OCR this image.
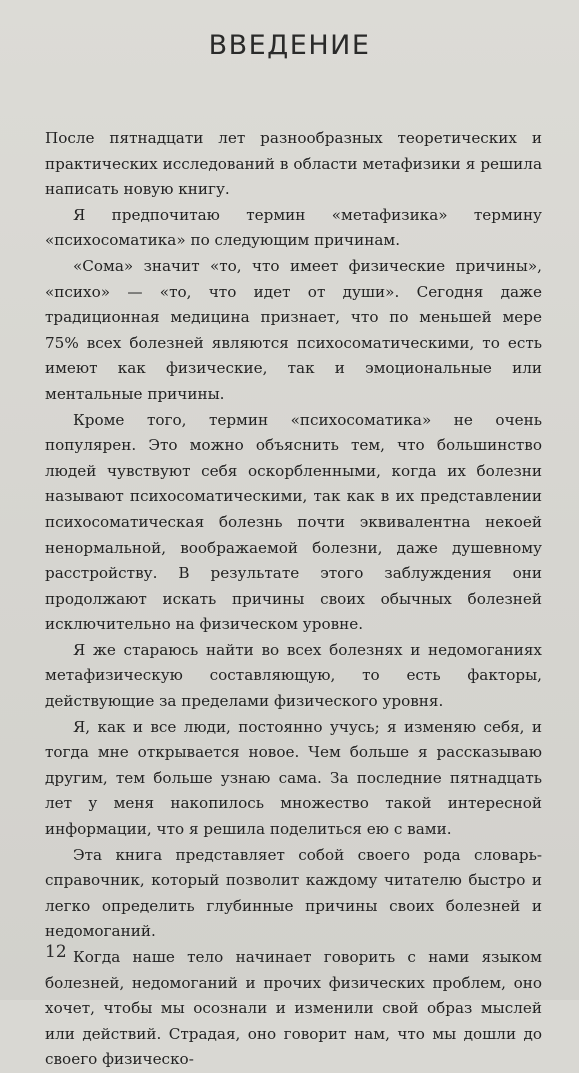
ВВЕДЕНИЕ

После пятнадцати лет разнообразных теоретических и практических исследований в области метафизики я решила написать новую книгу.

Я предпочитаю термин «метафизика» термину «психосоматика» по следующим причинам.

«Сома» значит «то, что имеет физические причины», «психо» — «то, что идет от души». Сегодня даже традиционная медицина признает, что по меньшей мере 75% всех болезней являются психосоматическими, то есть имеют как физические, так и эмоциональные или ментальные причины.

Кроме того, термин «психосоматика» не очень популярен. Это можно объяснить тем, что большинство людей чувствуют себя оскорбленными, когда их болезни называют психосоматическими, так как в их представлении психосоматическая болезнь почти эквивалентна некоей ненормальной, воображаемой болезни, даже душевному расстройству. В результате этого заблуждения они продолжают искать причины своих обычных болезней исключительно на физическом уровне.

Я же стараюсь найти во всех болезнях и недомоганиях метафизическую составляющую, то есть факторы, действующие за пределами физического уровня.

Я, как и все люди, постоянно учусь; я изменяю себя, и тогда мне открывается новое. Чем больше я рассказываю другим, тем больше узнаю сама. За последние пятнадцать лет у меня накопилось множество такой интересной информации, что я решила поделиться ею с вами.

Эта книга представляет собой своего рода словарь-справочник, который позволит каждому читателю быстро и легко определить глубинные причины своих болезней и недомоганий.

Когда наше тело начинает говорить с нами языком болезней, недомоганий и прочих физических проблем, оно хочет, чтобы мы осознали и изменили свой образ мыслей или действий. Страдая, оно говорит нам, что мы дошли до своего физическо-

12
